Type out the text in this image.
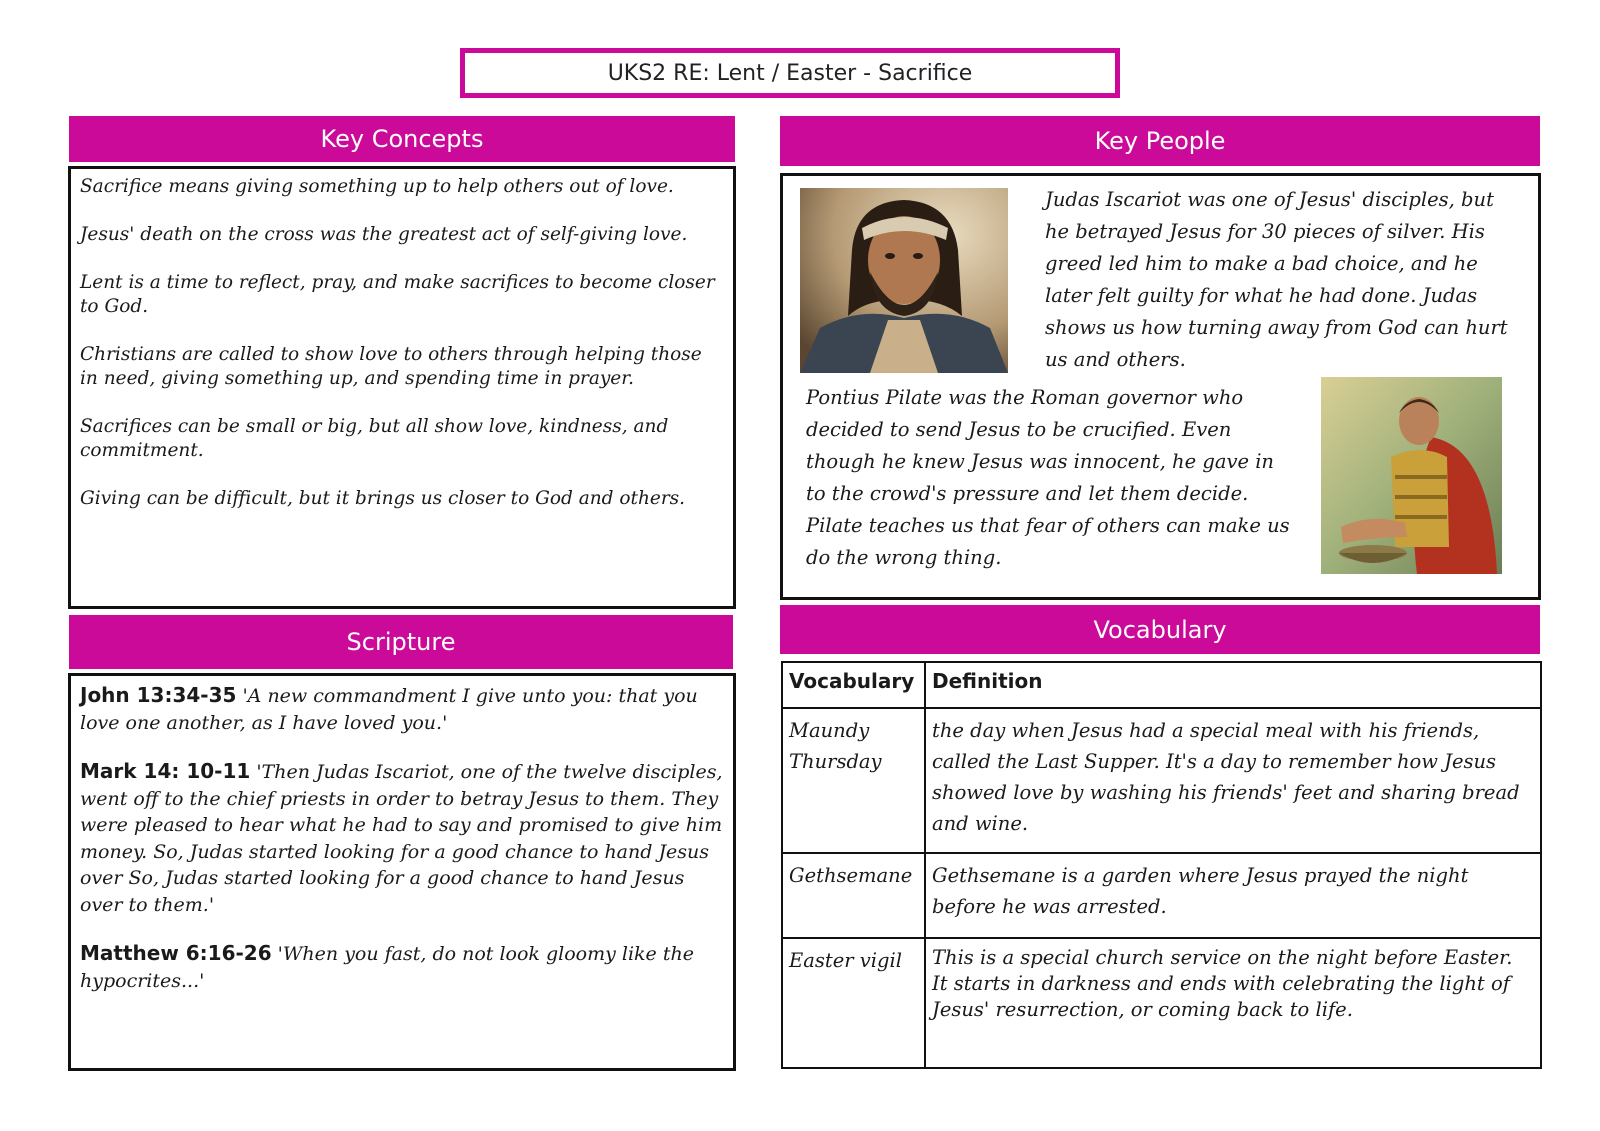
UKS2 RE: Lent / Easter - Sacrifice
Key Concepts

Sacrifice means giving something up to help others out of love.

Jesus' death on the cross was the greatest act of self-giving love.

Lent is a time to reflect, pray, and make sacrifices to become closer to God.

Christians are called to show love to others through helping those in need, giving something up, and spending time in prayer.

Sacrifices can be small or big, but all show love, kindness, and commitment.

Giving can be difficult, but it brings us closer to God and others.

Scripture

John 13:34-35 'A new commandment I give unto you: that you love one another, as I have loved you.'

Mark 14: 10-11 'Then Judas Iscariot, one of the twelve disciples, went off to the chief priests in order to betray Jesus to them. They were pleased to hear what he had to say and promised to give him money. So, Judas started looking for a good chance to hand Jesus over So, Judas started looking for a good chance to hand Jesus over to them.'

Matthew 6:16-26 'When you fast, do not look gloomy like the hypocrites...'

Key People
Judas Iscariot was one of Jesus' disciples, but he betrayed Jesus for 30 pieces of silver. His greed led him to make a bad choice, and he later felt guilty for what he had done. Judas shows us how turning away from God can hurt us and others.
Pontius Pilate was the Roman governor who decided to send Jesus to be crucified. Even though he knew Jesus was innocent, he gave in to the crowd's pressure and let them decide. Pilate teaches us that fear of others can make us do the wrong thing.
Vocabulary
Vocabulary	Definition
Maundy Thursday	the day when Jesus had a special meal with his friends, called the Last Supper. It's a day to remember how Jesus showed love by washing his friends' feet and sharing bread and wine.
Gethsemane	Gethsemane is a garden where Jesus prayed the night before he was arrested.
Easter vigil	This is a special church service on the night before Easter. It starts in darkness and ends with celebrating the light of Jesus' resurrection, or coming back to life.
